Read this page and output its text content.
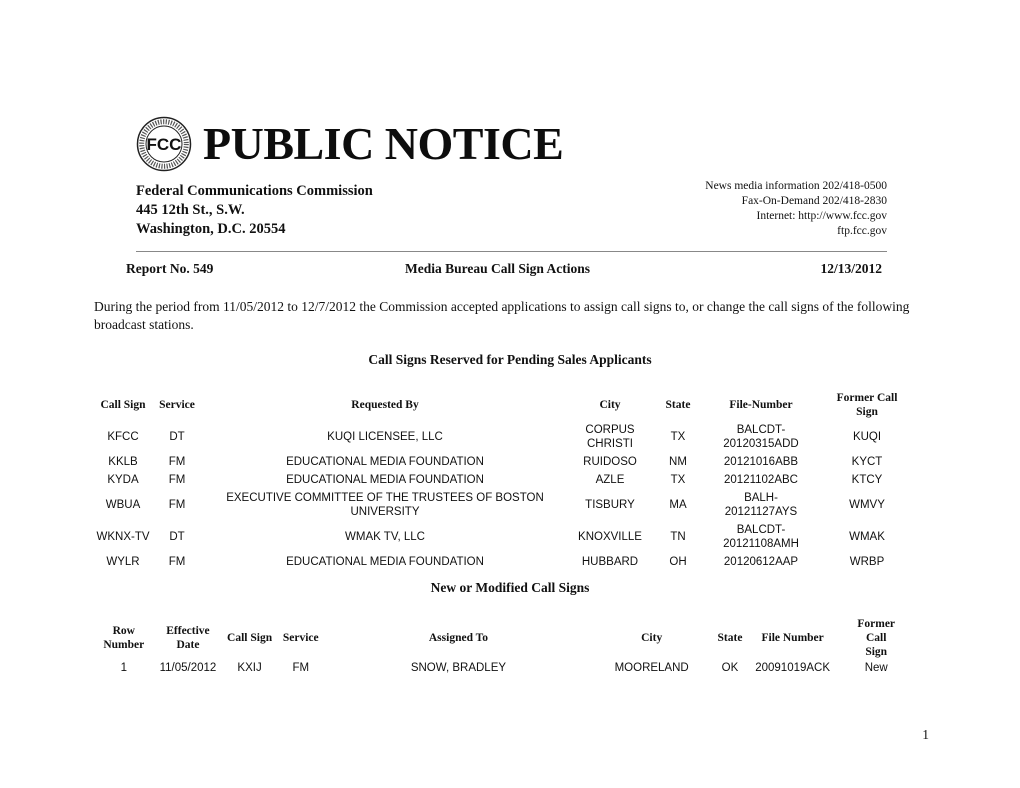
FCC PUBLIC NOTICE
Federal Communications Commission
445 12th St., S.W.
Washington, D.C. 20554
News media information 202/418-0500
Fax-On-Demand 202/418-2830
Internet: http://www.fcc.gov
ftp.fcc.gov
Report No. 549	Media Bureau Call Sign Actions	12/13/2012
During the period from 11/05/2012 to 12/7/2012 the Commission accepted applications to assign call signs to, or change the call signs of the following broadcast stations.
Call Signs Reserved for Pending Sales Applicants
Call Sign	Service	Requested By	City	State	File-Number	Former Call Sign
KFCC	DT	KUQI LICENSEE, LLC	CORPUS CHRISTI	TX	BALCDT-20120315ADD	KUQI
KKLB	FM	EDUCATIONAL MEDIA FOUNDATION	RUIDOSO	NM	20121016ABB	KYCT
KYDA	FM	EDUCATIONAL MEDIA FOUNDATION	AZLE	TX	20121102ABC	KTCY
WBUA	FM	EXECUTIVE COMMITTEE OF THE TRUSTEES OF BOSTON UNIVERSITY	TISBURY	MA	BALH-20121127AYS	WMVY
WKNX-TV	DT	WMAK TV, LLC	KNOXVILLE	TN	BALCDT-20121108AMH	WMAK
WYLR	FM	EDUCATIONAL MEDIA FOUNDATION	HUBBARD	OH	20120612AAP	WRBP
New or Modified Call Signs
Row Number	Effective Date	Call Sign	Service	Assigned To	City	State	File Number	Former Call Sign
1	11/05/2012	KXIJ	FM	SNOW, BRADLEY	MOORELAND	OK	20091019ACK	New
1
